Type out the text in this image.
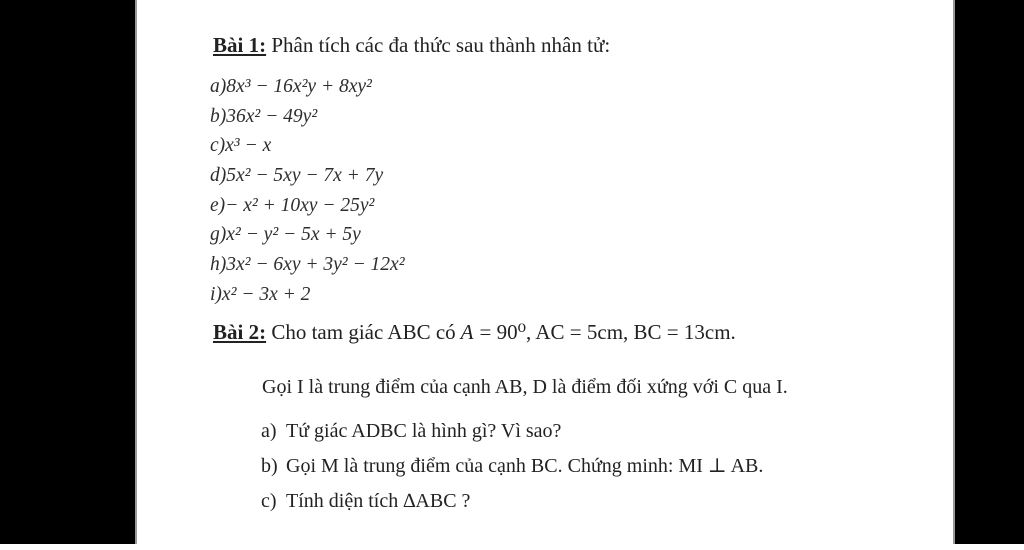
Bài 1: Phân tích các đa thức sau thành nhân tử:
a)8x³ − 16x²y + 8xy²
b)36x² − 49y²
c)x³ − x
d)5x² − 5xy − 7x + 7y
e)− x² + 10xy − 25y²
g)x² − y² − 5x + 5y
h)3x² − 6xy + 3y² − 12x²
i)x² − 3x + 2
Bài 2: Cho tam giác ABC có A = 90⁰, AC = 5cm, BC = 13cm.
Gọi I là trung điểm của cạnh AB, D là điểm đối xứng với C qua I.
a) Tứ giác ADBC là hình gì? Vì sao?
b) Gọi M là trung điểm của cạnh BC. Chứng minh: MI ⊥ AB.
c) Tính diện tích ∆ABC ?
